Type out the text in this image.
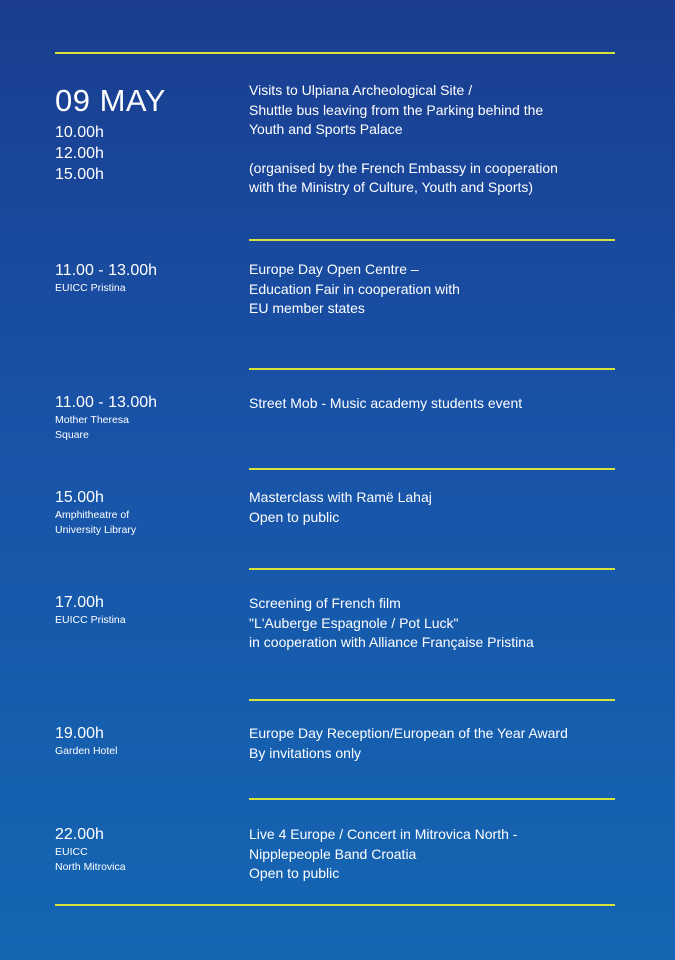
09 MAY
10.00h
12.00h
15.00h
Visits to Ulpiana Archeological Site /
Shuttle bus leaving from the Parking behind the
Youth and Sports Palace
(organised by the French Embassy in cooperation
with the Ministry of Culture, Youth and Sports)
11.00 - 13.00h
EUICC Pristina
Europe Day Open Centre –
Education Fair in cooperation with
EU member states
11.00 - 13.00h
Mother Theresa
Square
Street Mob - Music academy students event
15.00h
Amphitheatre of
University Library
Masterclass with Ramë Lahaj
Open to public
17.00h
EUICC Pristina
Screening of French film
"L'Auberge Espagnole / Pot Luck"
in cooperation with Alliance Française Pristina
19.00h
Garden Hotel
Europe Day Reception/European of the Year Award
By invitations only
22.00h
EUICC
North Mitrovica
Live 4 Europe / Concert in Mitrovica North -
Nipplepeople Band Croatia
Open to public
